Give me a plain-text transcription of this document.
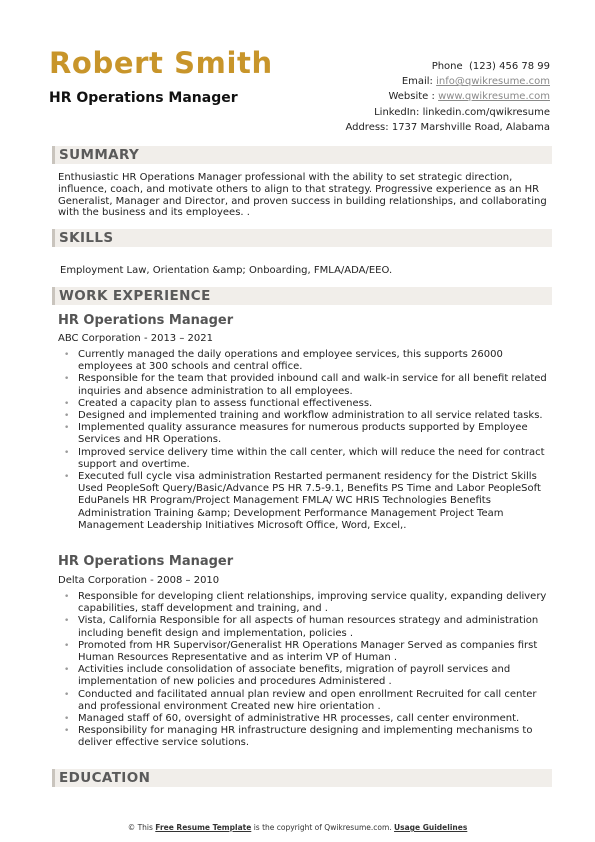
Robert Smith
HR Operations Manager
Phone (123) 456 78 99
Email: info@qwikresume.com
Website : www.qwikresume.com
LinkedIn: linkedin.com/qwikresume
Address: 1737 Marshville Road, Alabama
SUMMARY
Enthusiastic HR Operations Manager professional with the ability to set strategic direction, influence, coach, and motivate others to align to that strategy. Progressive experience as an HR Generalist, Manager and Director, and proven success in building relationships, and collaborating with the business and its employees. .
SKILLS
Employment Law, Orientation &amp; Onboarding, FMLA/ADA/EEO.
WORK EXPERIENCE
HR Operations Manager
ABC Corporation - 2013 – 2021
• Currently managed the daily operations and employee services, this supports 26000 employees at 300 schools and central office.
• Responsible for the team that provided inbound call and walk-in service for all benefit related inquiries and absence administration to all employees.
• Created a capacity plan to assess functional effectiveness.
• Designed and implemented training and workflow administration to all service related tasks.
• Implemented quality assurance measures for numerous products supported by Employee Services and HR Operations.
• Improved service delivery time within the call center, which will reduce the need for contract support and overtime.
• Executed full cycle visa administration Restarted permanent residency for the District Skills Used PeopleSoft Query/Basic/Advance PS HR 7.5-9.1, Benefits PS Time and Labor PeopleSoft EduPanels HR Program/Project Management FMLA/ WC HRIS Technologies Benefits Administration Training &amp; Development Performance Management Project Team Management Leadership Initiatives Microsoft Office, Word, Excel,.
HR Operations Manager
Delta Corporation - 2008 – 2010
• Responsible for developing client relationships, improving service quality, expanding delivery capabilities, staff development and training, and .
• Vista, California Responsible for all aspects of human resources strategy and administration including benefit design and implementation, policies .
• Promoted from HR Supervisor/Generalist HR Operations Manager Served as companies first Human Resources Representative and as interim VP of Human .
• Activities include consolidation of associate benefits, migration of payroll services and implementation of new policies and procedures Administered .
• Conducted and facilitated annual plan review and open enrollment Recruited for call center and professional environment Created new hire orientation .
• Managed staff of 60, oversight of administrative HR processes, call center environment.
• Responsibility for managing HR infrastructure designing and implementing mechanisms to deliver effective service solutions.
EDUCATION
© This Free Resume Template is the copyright of Qwikresume.com. Usage Guidelines
